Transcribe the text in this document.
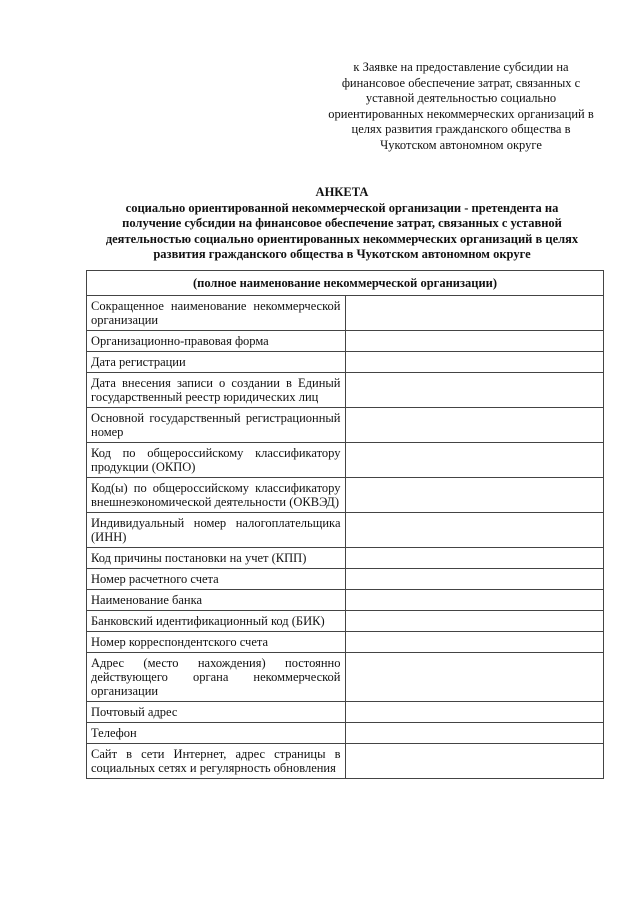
к Заявке на предоставление субсидии на
финансовое обеспечение затрат, связанных с
уставной деятельностью социально
ориентированных некоммерческих организаций в
целях развития гражданского общества в
Чукотском автономном округе
АНКЕТА
социально ориентированной некоммерческой организации - претендента на
получение субсидии на финансовое обеспечение затрат, связанных с уставной
деятельностью социально ориентированных некоммерческих организаций в целях
развития гражданского общества в Чукотском автономном округе
(полное наименование некоммерческой организации)	
Сокращенное наименование некоммерческой организации	
Организационно-правовая форма	
Дата регистрации	
Дата внесения записи о создании в Единый государственный реестр юридических лиц	
Основной государственный регистрационный номер	
Код по общероссийскому классификатору продукции (ОКПО)	
Код(ы) по общероссийскому классификатору внешнеэкономической деятельности (ОКВЭД)	
Индивидуальный номер налогоплательщика (ИНН)	
Код причины постановки на учет (КПП)	
Номер расчетного счета	
Наименование банка	
Банковский идентификационный код (БИК)	
Номер корреспондентского счета	
Адрес (место нахождения) постоянно действующего органа некоммерческой организации	
Почтовый адрес	
Телефон	
Сайт в сети Интернет, адрес страницы в социальных сетях и регулярность обновления	
